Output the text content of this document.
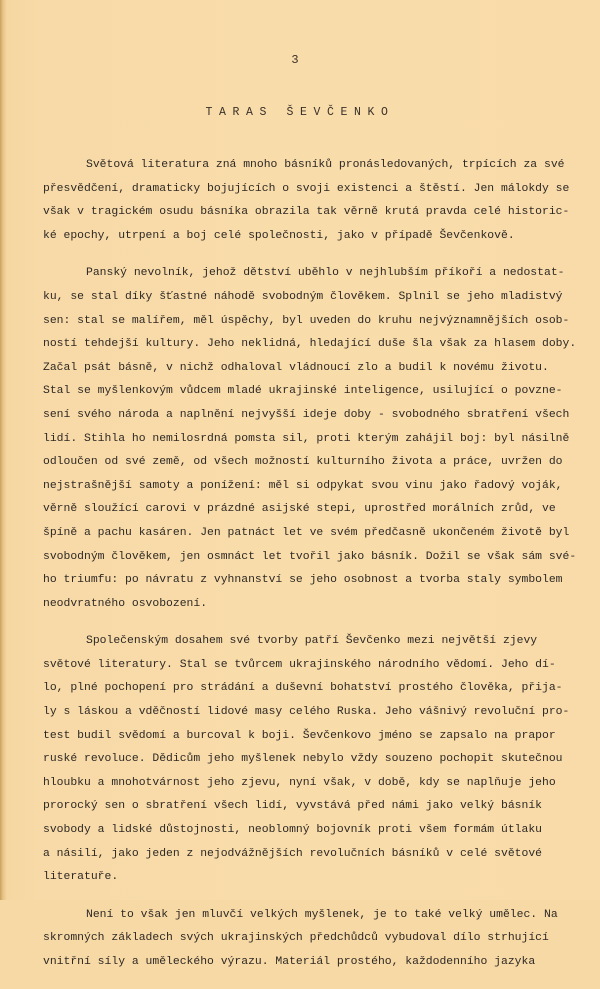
3
TARAS ŠEVČENKO
Světová literatura zná mnoho básníků pronásledovaných, trpících za své
přesvědčení, dramaticky bojujících o svoji existenci a štěstí. Jen málokdy se
však v tragickém osudu básníka obrazila tak věrně krutá pravda celé historic-
ké epochy, utrpení a boj celé společnosti, jako v případě Ševčenkově.
Panský nevolník, jehož dětství uběhlo v nejhlubším příkoří a nedostat-
ku, se stal díky šťastné náhodě svobodným člověkem. Splnil se jeho mladistvý
sen: stal se malířem, měl úspěchy, byl uveden do kruhu nejvýznamnějších osob-
ností tehdejší kultury. Jeho neklidná, hledající duše šla však za hlasem doby.
Začal psát básně, v nichž odhaloval vládnoucí zlo a budil k novému životu.
Stal se myšlenkovým vůdcem mladé ukrajinské inteligence, usilující o povzne-
sení svého národa a naplnění nejvyšší ideje doby - svobodného sbratření všech
lidí. Stihla ho nemilosrdná pomsta sil, proti kterým zahájil boj: byl násilně
odloučen od své země, od všech možností kulturního života a práce, uvržen do
nejstrašnější samoty a ponížení: měl si odpykat svou vinu jako řadový voják,
věrně sloužící carovi v prázdné asijské stepi, uprostřed morálních zrůd, ve
špíně a pachu kasáren. Jen patnáct let ve svém předčasně ukončeném životě byl
svobodným člověkem, jen osmnáct let tvořil jako básník. Dožil se však sám své-
ho triumfu: po návratu z vyhnanství se jeho osobnost a tvorba staly symbolem
neodvratného osvobození.
Společenským dosahem své tvorby patří Ševčenko mezi největší zjevy
světové literatury. Stal se tvůrcem ukrajinského národního vědomí. Jeho dí-
lo, plné pochopení pro strádání a duševní bohatství prostého člověka, přija-
ly s láskou a vděčností lidové masy celého Ruska. Jeho vášnivý revoluční pro-
test budil svědomí a burcoval k boji. Ševčenkovo jméno se zapsalo na prapor
ruské revoluce. Dědicům jeho myšlenek nebylo vždy souzeno pochopit skutečnou
hloubku a mnohotvárnost jeho zjevu, nyní však, v době, kdy se naplňuje jeho
prorocký sen o sbratření všech lidí, vyvstává před námi jako velký básník
svobody a lidské důstojnosti, neoblomný bojovník proti všem formám útlaku
a násilí, jako jeden z nejodvážnějších revolučních básníků v celé světové
literatuře.
Není to však jen mluvčí velkých myšlenek, je to také velký umělec. Na
skromných základech svých ukrajinských předchůdců vybudoval dílo strhující
vnitřní síly a uměleckého výrazu. Materiál prostého, každodenního jazyka
